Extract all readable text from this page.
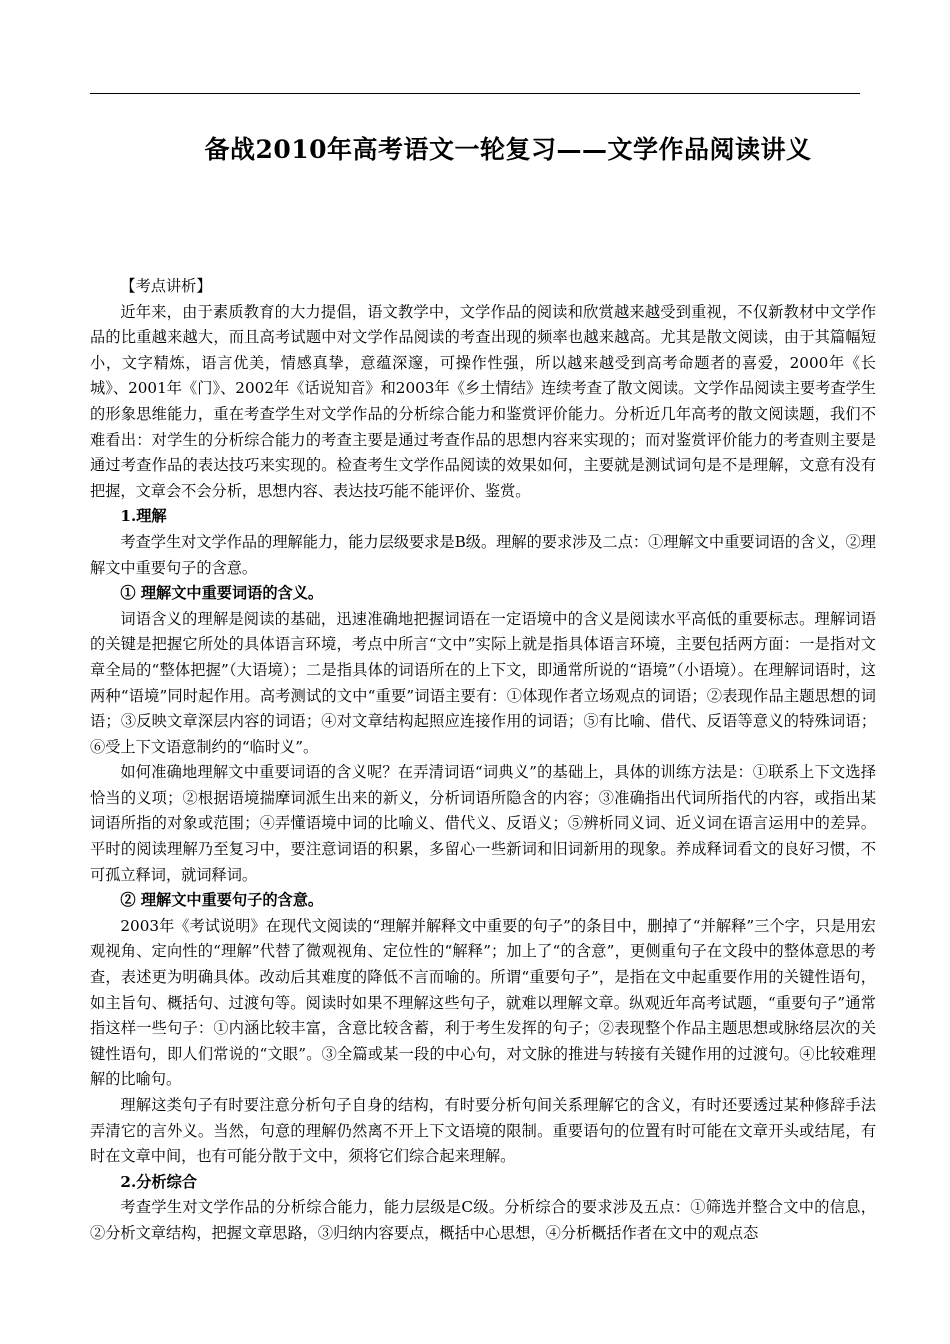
备战2010年高考语文一轮复习——文学作品阅读讲义

【考点讲析】

近年来，由于素质教育的大力提倡，语文教学中，文学作品的阅读和欣赏越来越受到重视，不仅新教材中文学作品的比重越来越大，而且高考试题中对文学作品阅读的考查出现的频率也越来越高。尤其是散文阅读，由于其篇幅短小，文字精炼，语言优美，情感真挚，意蕴深邃，可操作性强，所以越来越受到高考命题者的喜爱，2000年《长城》、2001年《门》、2002年《话说知音》和2003年《乡土情结》连续考查了散文阅读。文学作品阅读主要考查学生的形象思维能力，重在考查学生对文学作品的分析综合能力和鉴赏评价能力。分析近几年高考的散文阅读题，我们不难看出：对学生的分析综合能力的考查主要是通过考查作品的思想内容来实现的；而对鉴赏评价能力的考查则主要是通过考查作品的表达技巧来实现的。检查考生文学作品阅读的效果如何，主要就是测试词句是不是理解，文意有没有把握，文章会不会分析，思想内容、表达技巧能不能评价、鉴赏。

1.理解

考查学生对文学作品的理解能力，能力层级要求是B级。理解的要求涉及二点：①理解文中重要词语的含义，②理解文中重要句子的含意。

① 理解文中重要词语的含义。

词语含义的理解是阅读的基础，迅速准确地把握词语在一定语境中的含义是阅读水平高低的重要标志。理解词语的关键是把握它所处的具体语言环境，考点中所言“文中”实际上就是指具体语言环境，主要包括两方面：一是指对文章全局的“整体把握”（大语境）；二是指具体的词语所在的上下文，即通常所说的“语境”（小语境）。在理解词语时，这两种“语境”同时起作用。高考测试的文中“重要”词语主要有：①体现作者立场观点的词语；②表现作品主题思想的词语；③反映文章深层内容的词语；④对文章结构起照应连接作用的词语；⑤有比喻、借代、反语等意义的特殊词语；⑥受上下文语意制约的“临时义”。

如何准确地理解文中重要词语的含义呢？在弄清词语“词典义”的基础上，具体的训练方法是：①联系上下文选择恰当的义项；②根据语境揣摩词派生出来的新义，分析词语所隐含的内容；③准确指出代词所指代的内容，或指出某词语所指的对象或范围；④弄懂语境中词的比喻义、借代义、反语义；⑤辨析同义词、近义词在语言运用中的差异。平时的阅读理解乃至复习中，要注意词语的积累，多留心一些新词和旧词新用的现象。养成释词看文的良好习惯，不可孤立释词，就词释词。

② 理解文中重要句子的含意。

2003年《考试说明》在现代文阅读的“理解并解释文中重要的句子”的条目中，删掉了“并解释”三个字，只是用宏观视角、定向性的“理解”代替了微观视角、定位性的“解释”；加上了“的含意”，更侧重句子在文段中的整体意思的考查，表述更为明确具体。改动后其难度的降低不言而喻的。所谓“重要句子”，是指在文中起重要作用的关键性语句，如主旨句、概括句、过渡句等。阅读时如果不理解这些句子，就难以理解文章。纵观近年高考试题，“重要句子”通常指这样一些句子：①内涵比较丰富，含意比较含蓄，利于考生发挥的句子；②表现整个作品主题思想或脉络层次的关键性语句，即人们常说的“文眼”。③全篇或某一段的中心句，对文脉的推进与转接有关键作用的过渡句。④比较难理解的比喻句。

理解这类句子有时要注意分析句子自身的结构，有时要分析句间关系理解它的含义，有时还要透过某种修辞手法弄清它的言外义。当然，句意的理解仍然离不开上下文语境的限制。重要语句的位置有时可能在文章开头或结尾，有时在文章中间，也有可能分散于文中，须将它们综合起来理解。

2.分析综合

考查学生对文学作品的分析综合能力，能力层级是C级。分析综合的要求涉及五点：①筛选并整合文中的信息，②分析文章结构，把握文章思路，③归纳内容要点，概括中心思想，④分析概括作者在文中的观点态
